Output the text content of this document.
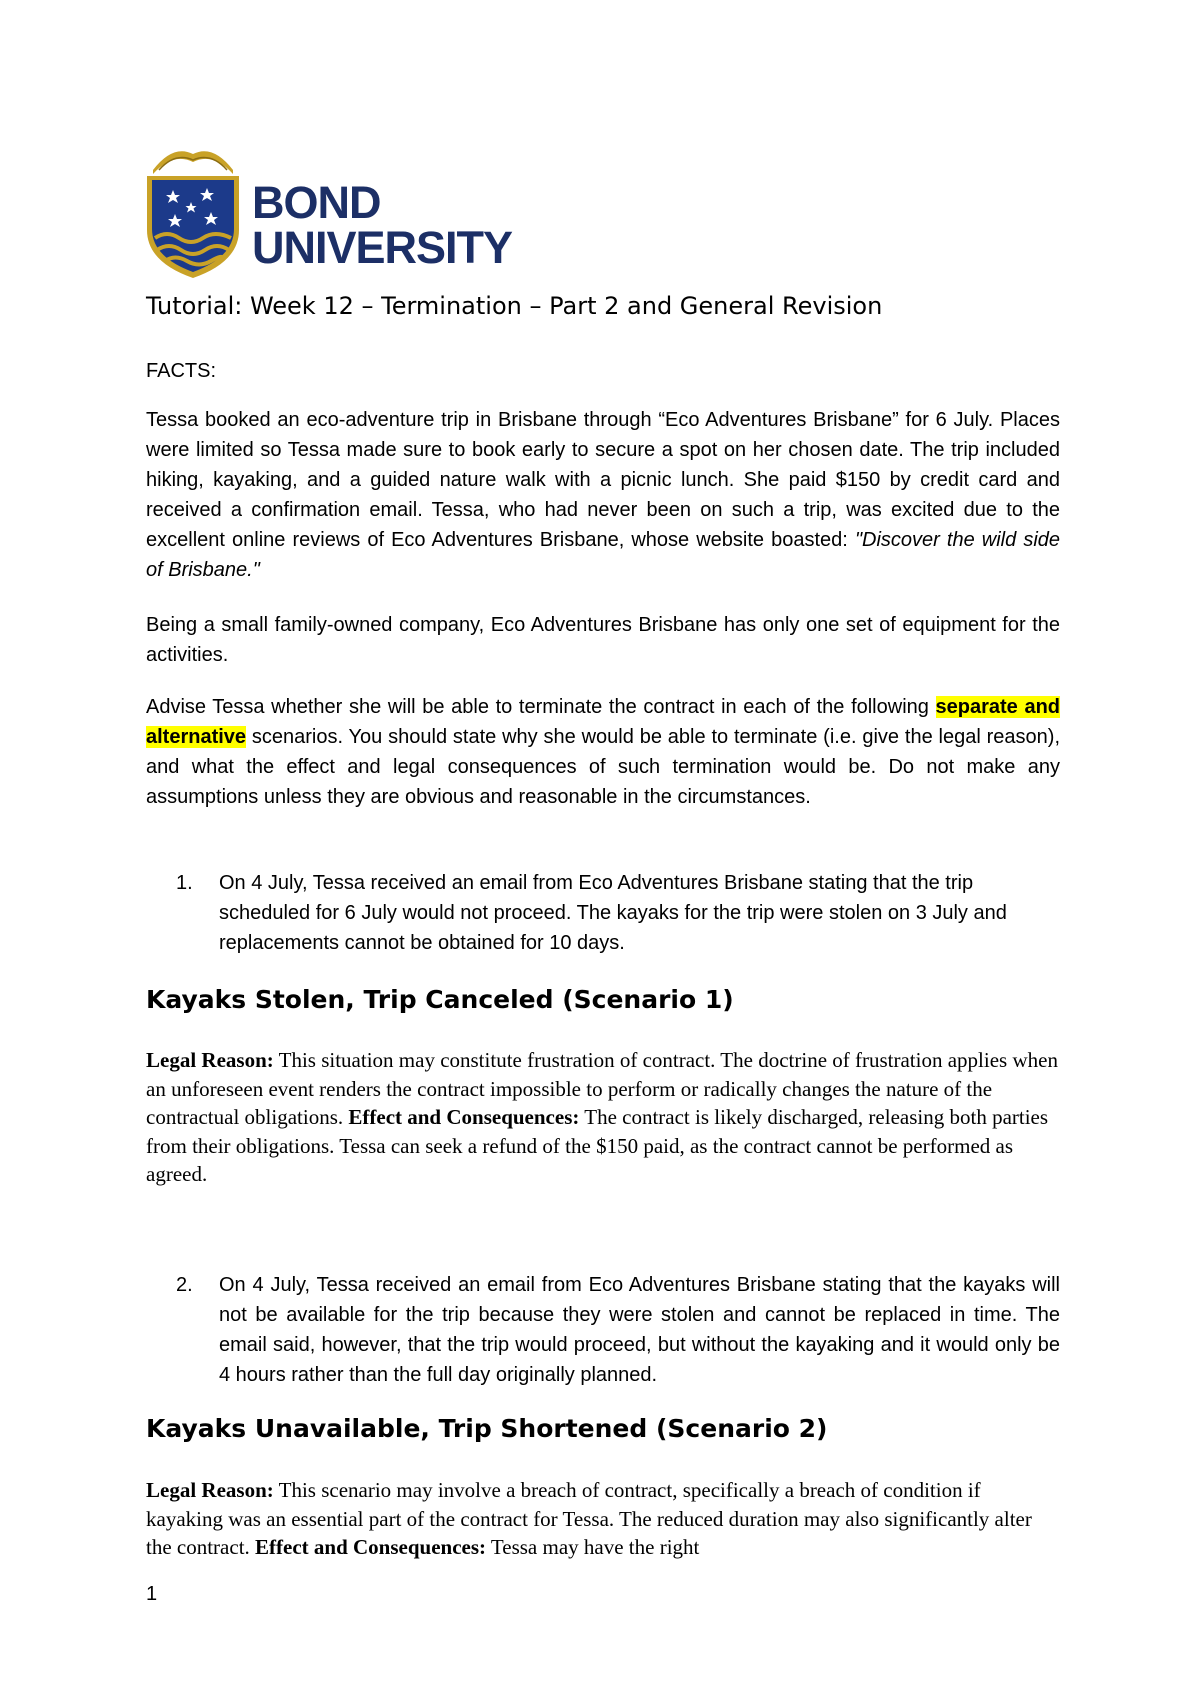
BOND
UNIVERSITY
Tutorial: Week 12 – Termination – Part 2 and General Revision

FACTS:

Tessa booked an eco-adventure trip in Brisbane through “Eco Adventures Brisbane” for 6 July. Places were limited so Tessa made sure to book early to secure a spot on her chosen date. The trip included hiking, kayaking, and a guided nature walk with a picnic lunch. She paid $150 by credit card and received a confirmation email. Tessa, who had never been on such a trip, was excited due to the excellent online reviews of Eco Adventures Brisbane, whose website boasted: "Discover the wild side of Brisbane."

Being a small family-owned company, Eco Adventures Brisbane has only one set of equipment for the activities.

Advise Tessa whether she will be able to terminate the contract in each of the following separate and alternative scenarios. You should state why she would be able to terminate (i.e. give the legal reason), and what the effect and legal consequences of such termination would be. Do not make any assumptions unless they are obvious and reasonable in the circumstances.

1.	On 4 July, Tessa received an email from Eco Adventures Brisbane stating that the trip scheduled for 6 July would not proceed. The kayaks for the trip were stolen on 3 July and replacements cannot be obtained for 10 days.

Kayaks Stolen, Trip Canceled (Scenario 1)

Legal Reason: This situation may constitute frustration of contract. The doctrine of frustration applies when an unforeseen event renders the contract impossible to perform or radically changes the nature of the contractual obligations. Effect and Consequences: The contract is likely discharged, releasing both parties from their obligations. Tessa can seek a refund of the $150 paid, as the contract cannot be performed as agreed.

2.	On 4 July, Tessa received an email from Eco Adventures Brisbane stating that the kayaks will not be available for the trip because they were stolen and cannot be replaced in time. The email said, however, that the trip would proceed, but without the kayaking and it would only be 4 hours rather than the full day originally planned.

Kayaks Unavailable, Trip Shortened (Scenario 2)

Legal Reason: This scenario may involve a breach of contract, specifically a breach of condition if kayaking was an essential part of the contract for Tessa. The reduced duration may also significantly alter the contract. Effect and Consequences: Tessa may have the right

1
